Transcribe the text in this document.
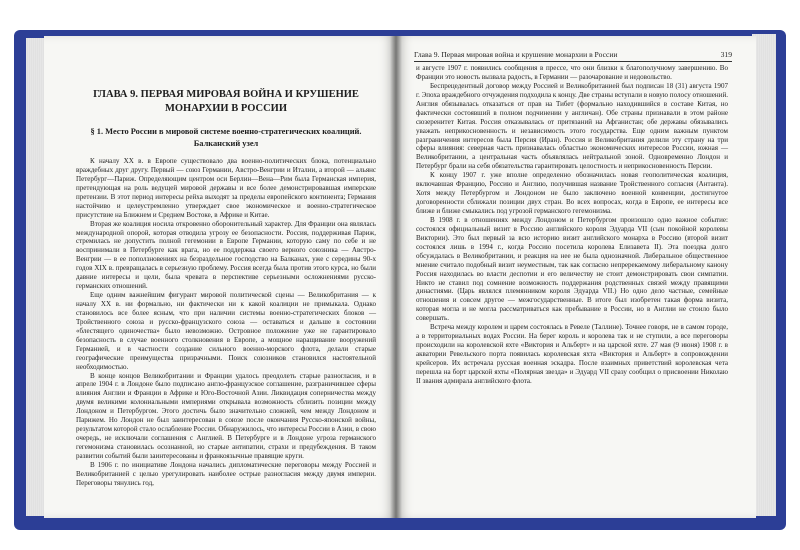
ГЛАВА 9. ПЕРВАЯ МИРОВАЯ ВОЙНА И КРУШЕНИЕ МОНАРХИИ В РОССИИ
§ 1. Место России в мировой системе военно-стратегических коалиций. Балканский узел

К началу XX в. в Европе существовало два военно-политических блока, потенциально враждебных друг другу. Первый — союз Германии, Австро-Венгрии и Италии, а второй — альянс Петербург—Париж. Определяющим центром оси Берлин—Вена—Рим была Германская империя, претендующая на роль ведущей мировой державы и все более демонстрировавшая имперские претензии. В этот период интересы рейха выходят за пределы европейского континента; Германия настойчиво и целеустремленно утверждает свое экономическое и военно-стратегическое присутствие на Ближнем и Среднем Востоке, в Африке и Китае.

Вторая же коалиция носила откровенно оборонительный характер. Для Франции она являлась международной опорой, которая отводила угрозу ее безопасности. Россия, поддерживая Париж, стремилась не допустить полной гегемонии в Европе Германии, которую саму по себе и не воспринимали в Петербурге как врага, но ее поддержка своего верного союзника — Австро-Венгрии — в ее поползновениях на безраздельное господство на Балканах, уже с середины 90-х годов XIX в. превращалась в серьезную проблему. Россия всегда была против этого курса, но были давние интересы и цели, была чревата в перспективе серьезными осложнениями русско-германских отношений.

Еще одним важнейшим фигурант мировой политической сцены — Великобритания — к началу XX в. ни формально, ни фактически ни к какой коалиции не примыкала. Однако становилось все более ясным, что при наличии системы военно-стратегических блоков — Тройственного союза и русско-французского союза — оставаться и дальше в состоянии «блестящего одиночества» было невозможно. Островное положение уже не гарантировало безопасность в случае военного столкновения в Европе, а мощное наращивание вооружений Германией, и в частности создание сильного военно-морского флота, делали старые географические преимущества призрачными. Поиск союзников становился настоятельной необходимостью.

В конце концов Великобритании и Франции удалось преодолеть старые разногласия, и в апреле 1904 г. в Лондоне было подписано англо-французское соглашение, разграничившее сферы влияния Англии и Франции в Африке и Юго-Восточной Азии. Ликвидация соперничества между двумя великими колониальными империями открывала возможность сблизить позиции между Лондоном и Петербургом. Этого достичь было значительно сложней, чем между Лондоном и Парижем. Но Лондон не был заинтересован в союзе после окончания Русско-японской войны, результатом которой стало ослабление России. Обнаружилось, что интересы России в Азии, в свою очередь, не исключали соглашения с Англией. В Петербурге и в Лондоне угроза германского гегемонизма становилась осознанной, но старые антипатии, страхи и предубеждения. В таком развитии событий были заинтересованы и франкоязычные правящие круги.

В 1906 г. по инициативе Лондона начались дипломатические переговоры между Россией и Великобританией с целью урегулировать наиболее острые разногласия между двумя империи. Переговоры тянулись год,

Глава 9. Первая мировая война и крушение монархии в России	319

и августе 1907 г. появились сообщения в прессе, что они близки к благополучному завершению. Во Франции это новость вызвала радость, в Германии — разочарование и недовольство.

Беспрецедентный договор между Россией и Великобританией был подписан 18 (31) августа 1907 г. Эпоха враждебного отчуждения подходила к концу. Две страны вступали в новую полосу отношений. Англия обязывалась отказаться от прав на Тибет (формально находившийся в составе Китая, но фактически состоявший в полном подчинении у англичан). Обе страны признавали в этом районе сюзеренитет Китая. Россия отказывалась от притязаний на Афганистан; обе державы обязывались уважать неприкосновенность и независимость этого государства. Еще одним важным пунктом разграничения интересов была Персия (Иран). Россия и Великобритания делили эту страну на три сферы влияния: северная часть признавалась областью экономических интересов России, южная — Великобритании, а центральная часть объявлялась нейтральной зоной. Одновременно Лондон и Петербург брали на себя обязательства гарантировать целостность и неприкосновенность Персии.

К концу 1907 г. уже вполне определенно обозначилась новая геополитическая коалиция, включавшая Францию, Россию и Англию, получившая название Тройственного согласия (Антанта). Хотя между Петербургом и Лондоном не было заключено военной конвенции, достигнутое договоренности сближали позиции двух стран. Во всех вопросах, когда в Европе, ее интересы все ближе и ближе смыкались под угрозой германского гегемонизма.

В 1908 г. в отношениях между Лондоном и Петербургом произошло одно важное событие: состоялся официальный визит в Россию английского короля Эдуарда VII (сын покойной королевы Виктории). Это был первый за всю историю визит английского монарха в Россию (второй визит состоялся лишь в 1994 г., когда Россию посетила королева Елизавета II). Эта поездка долго обсуждалась в Великобритании, и реакция на нее не была однозначной. Либеральное общественное мнение считало подобный визит неуместным, так как согласно непререкаемому либеральному канону Россия находилась во власти деспотии и его величеству не стоит демонстрировать свои симпатии. Никто не ставил под сомнение возможность поддержания родственных связей между правящими династиями. (Царь являлся племянником короля Эдуарда VII.) Но одно дело частные, семейные отношения и совсем другое — межгосударственные. В итоге был изобретен такая форма визита, которая могла и не могла рассматриваться как пребывание в России, но в Англии не стоило было совершать.

Встреча между королем и царем состоялась в Ревеле (Таллине). Точнее говоря, не в самом городе, а в территориальных водах России. На берег король и королева так и не ступили, а все переговоры происходили на королевской яхте «Виктория и Альберт» и на царской яхте. 27 мая (9 июня) 1908 г. в акватории Ревельского порта появилась королевская яхта «Виктория и Альберт» в сопровождении крейсеров. Их встречала русская военная эскадра. После взаимных приветствий королевская чета перешла на борт царской яхты «Полярная звезда» и Эдуард VII сразу сообщил о присвоении Николаю II звания адмирала английского флота.
